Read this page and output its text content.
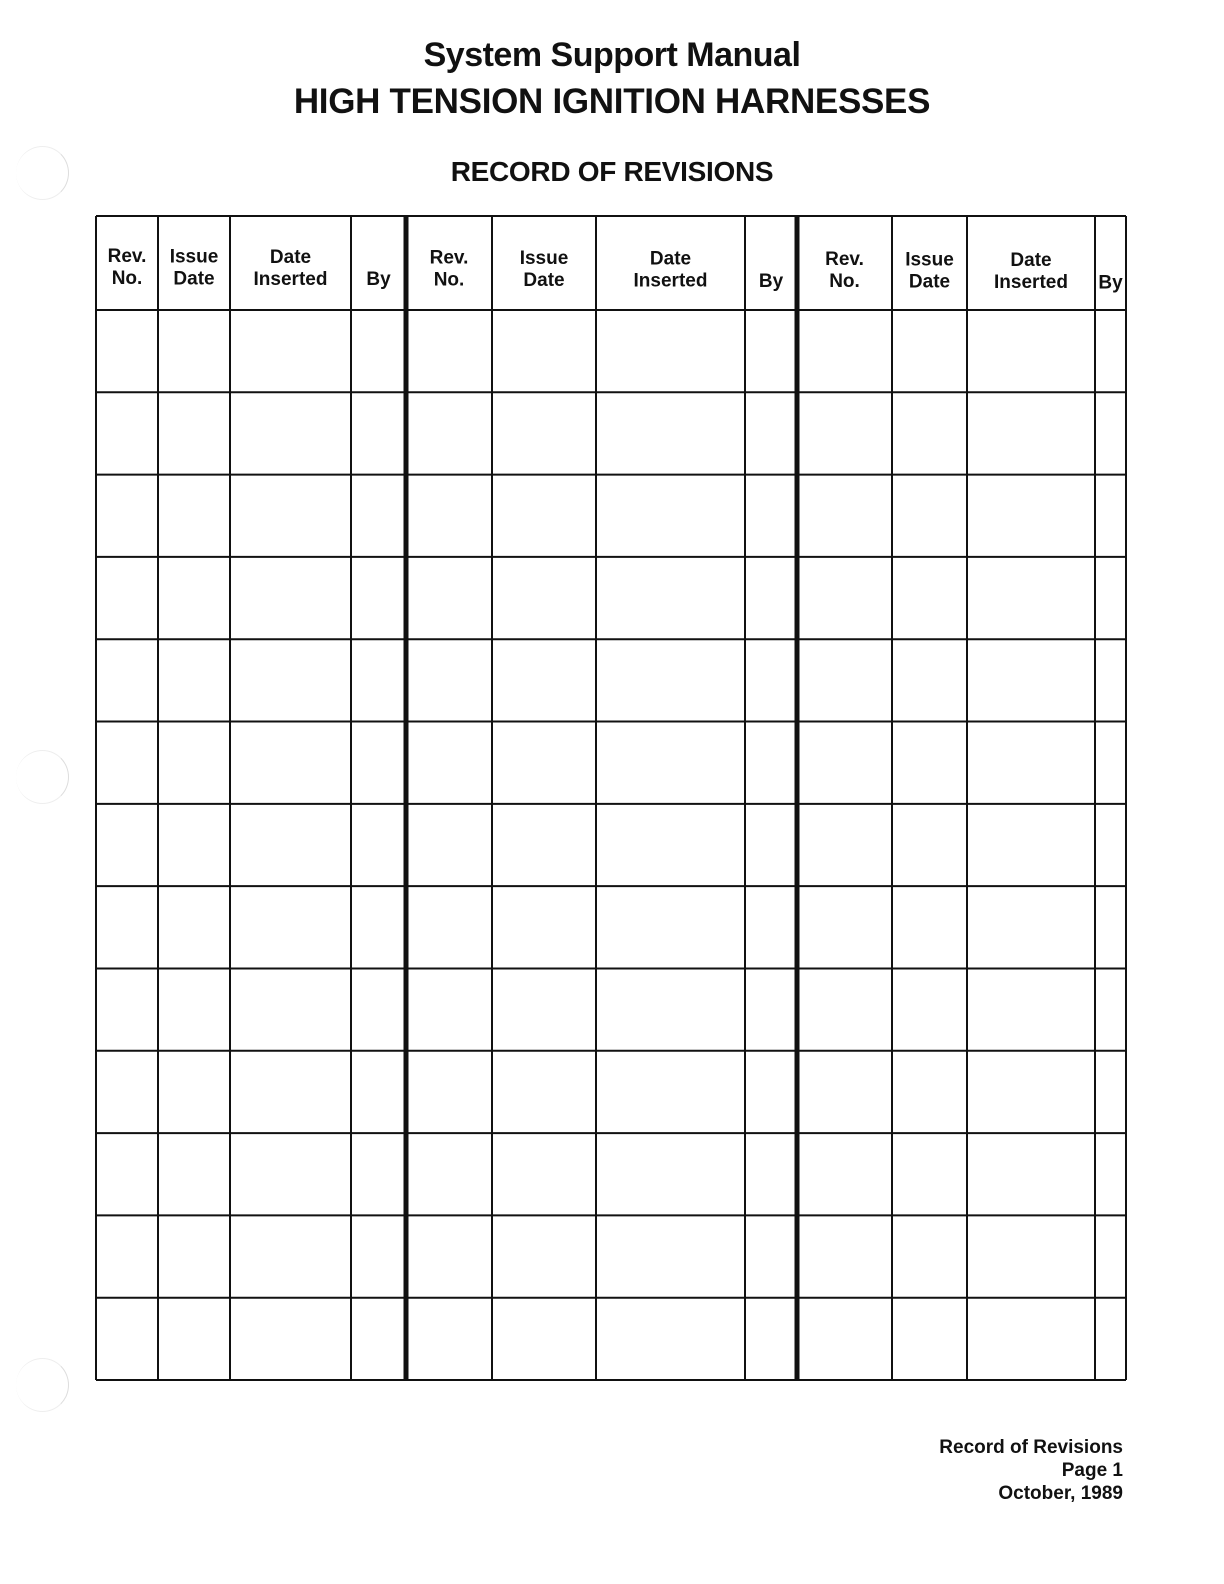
System Support Manual
HIGH TENSION IGNITION HARNESSES
RECORD OF REVISIONS
Rev.
No.
Issue
Date
Date
Inserted By
Rev.
No.
Issue
Date
Date
Inserted	By
Rev.
No.
Issue
Date
Date
Inserted By
Record of Revisions
Page 1
October, 1989
